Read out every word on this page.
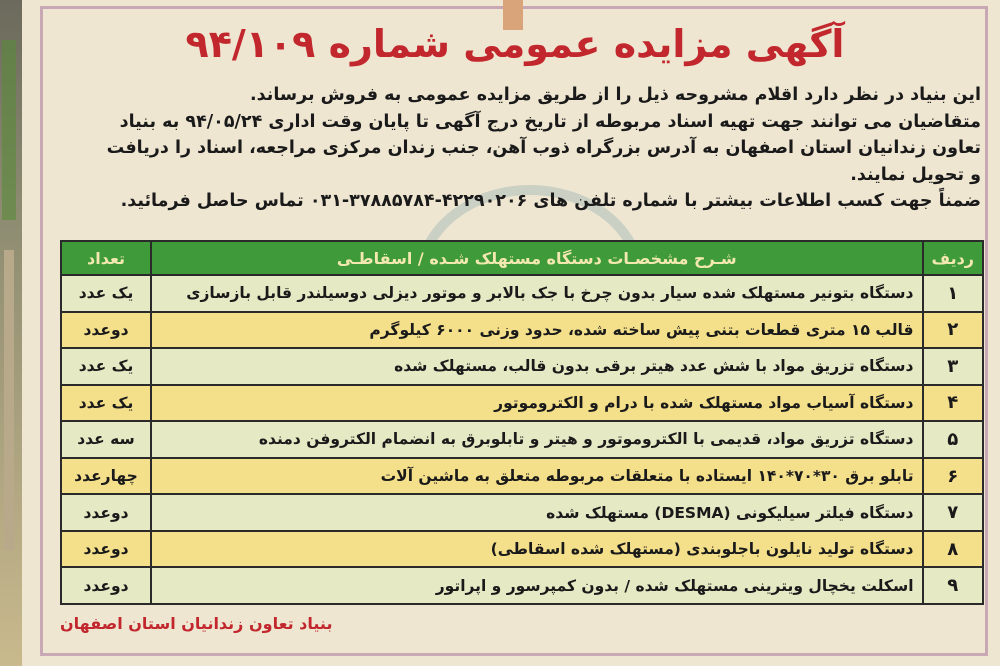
آگهی مزایده عمومی شماره ۹۴/۱۰۹

این بنیاد در نظر دارد اقلام مشروحه ذیل را از طریق مزایده عمومی به فروش برساند.

متقاضیان می توانند جهت تهیه اسناد مربوطه از تاریخ درج آگهی تا پایان وقت اداری ۹۴/۰۵/۲۴ به بنیاد

تعاون زندانیان استان اصفهان به آدرس بزرگراه ذوب آهن، جنب زندان مرکزی مراجعه، اسناد را دریافت

و تحویل نمایند.

ضمناً جهت کسب اطلاعات بیشتر با شماره تلفن های ۴۲۲۹۰۲۰۶-۳۷۸۸۵۷۸۴-۰۳۱ تماس حاصل فرمائید.

ردیف	شـرح مشخصـات دستگاه مستهلک شـده / اسقاطـی	تعداد
۱	دستگاه بتونیر مستهلک شده سیار بدون چرخ با جک بالابر و موتور دیزلی دوسیلندر قابل بازسازی	یک عدد
۲	قالب ۱۵ متری قطعات بتنی پیش ساخته شده، حدود وزنی ۶۰۰۰ کیلوگرم	دوعدد
۳	دستگاه تزریق مواد با شش عدد هیتر برقی بدون قالب، مستهلک شده	یک عدد
۴	دستگاه آسیاب مواد مستهلک شده با درام و الکتروموتور	یک عدد
۵	دستگاه تزریق مواد، قدیمی با الکتروموتور و هیتر و تابلوبرق به انضمام الکتروفن دمنده	سه عدد
۶	تابلو برق ۳۰*۷۰*۱۴۰ ایستاده با متعلقات مربوطه متعلق به ماشین آلات	چهارعدد
۷	دستگاه فیلتر سیلیکونی (DESMA) مستهلک شده	دوعدد
۸	دستگاه تولید نایلون باجلوبندی (مستهلک شده اسقاطی)	دوعدد
۹	اسکلت یخچال ویترینی مستهلک شده / بدون کمپرسور و اپراتور	دوعدد
بنیاد تعاون زندانیان استان اصفهان
